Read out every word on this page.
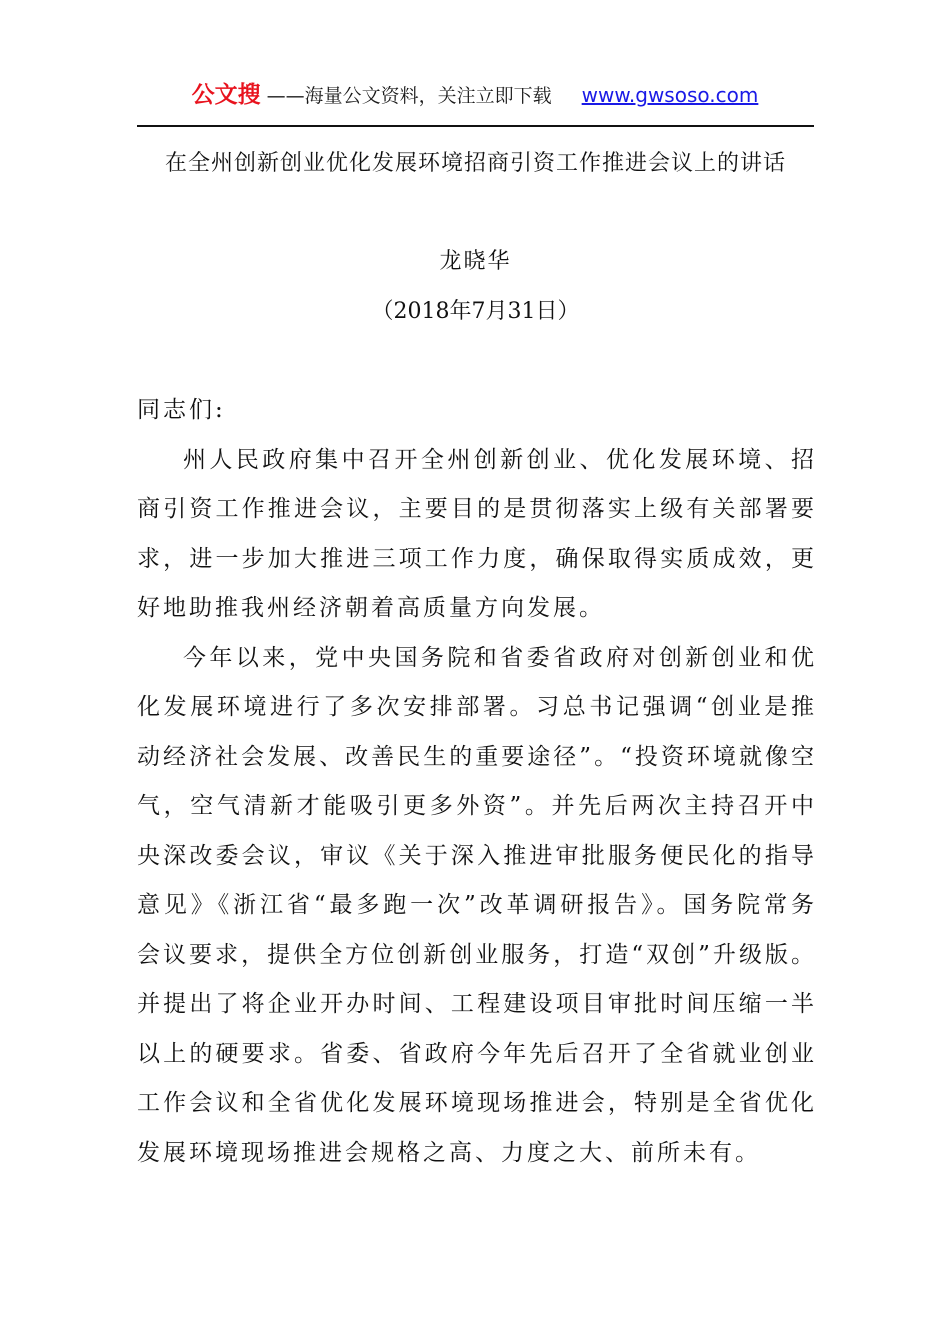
公文搜 ——海量公文资料，关注立即下载 www.gwsoso.com
在全州创新创业优化发展环境招商引资工作推进会议上的讲话
龙晓华
（2018年7月31日）

同志们:

州人民政府集中召开全州创新创业、优化发展环境、招商引资工作推进会议，主要目的是贯彻落实上级有关部署要求，进一步加大推进三项工作力度，确保取得实质成效，更好地助推我州经济朝着高质量方向发展。

今年以来，党中央国务院和省委省政府对创新创业和优化发展环境进行了多次安排部署。习总书记强调“创业是推动经济社会发展、改善民生的重要途径”。“投资环境就像空气，空气清新才能吸引更多外资”。并先后两次主持召开中央深改委会议，审议《关于深入推进审批服务便民化的指导意见》《浙江省“最多跑一次”改革调研报告》。国务院常务会议要求，提供全方位创新创业服务，打造“双创”升级版。并提出了将企业开办时间、工程建设项目审批时间压缩一半以上的硬要求。省委、省政府今年先后召开了全省就业创业工作会议和全省优化发展环境现场推进会，特别是全省优化发展环境现场推进会规格之高、力度之大、前所未有。
